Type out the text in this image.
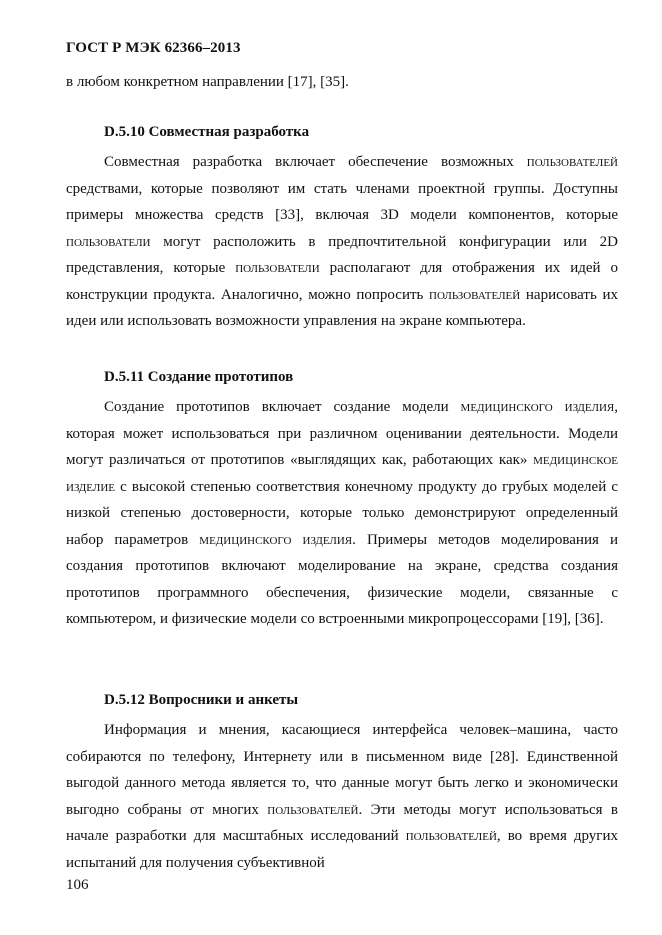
ГОСТ Р МЭК 62366–2013

в любом конкретном направлении [17], [35].

D.5.10 Совместная разработка

Совместная разработка включает обеспечение возможных пользователей средствами, которые позволяют им стать членами проектной группы. Доступны примеры множества средств [33], включая 3D модели компонентов, которые пользователи могут расположить в предпочтительной конфигурации или 2D представления, которые пользователи располагают для отображения их идей о конструкции продукта. Аналогично, можно попросить пользователей нарисовать их идеи или использовать возможности управления на экране компьютера.

D.5.11 Создание прототипов

Создание прототипов включает создание модели медицинского изделия, которая может использоваться при различном оценивании деятельности. Модели могут различаться от прототипов «выглядящих как, работающих как» медицинское изделие с высокой степенью соответствия конечному продукту до грубых моделей с низкой степенью достоверности, которые только демонстрируют определенный набор параметров медицинского изделия. Примеры методов моделирования и создания прототипов включают моделирование на экране, средства создания прототипов программного обеспечения, физические модели, связанные с компьютером, и физические модели со встроенными микропроцессорами [19], [36].

D.5.12 Вопросники и анкеты

Информация и мнения, касающиеся интерфейса человек–машина, часто собираются по телефону, Интернету или в письменном виде [28]. Единственной выгодой данного метода является то, что данные могут быть легко и экономически выгодно собраны от многих пользователей. Эти методы могут использоваться в начале разработки для масштабных исследований пользователей, во время других испытаний для получения субъективной

106
